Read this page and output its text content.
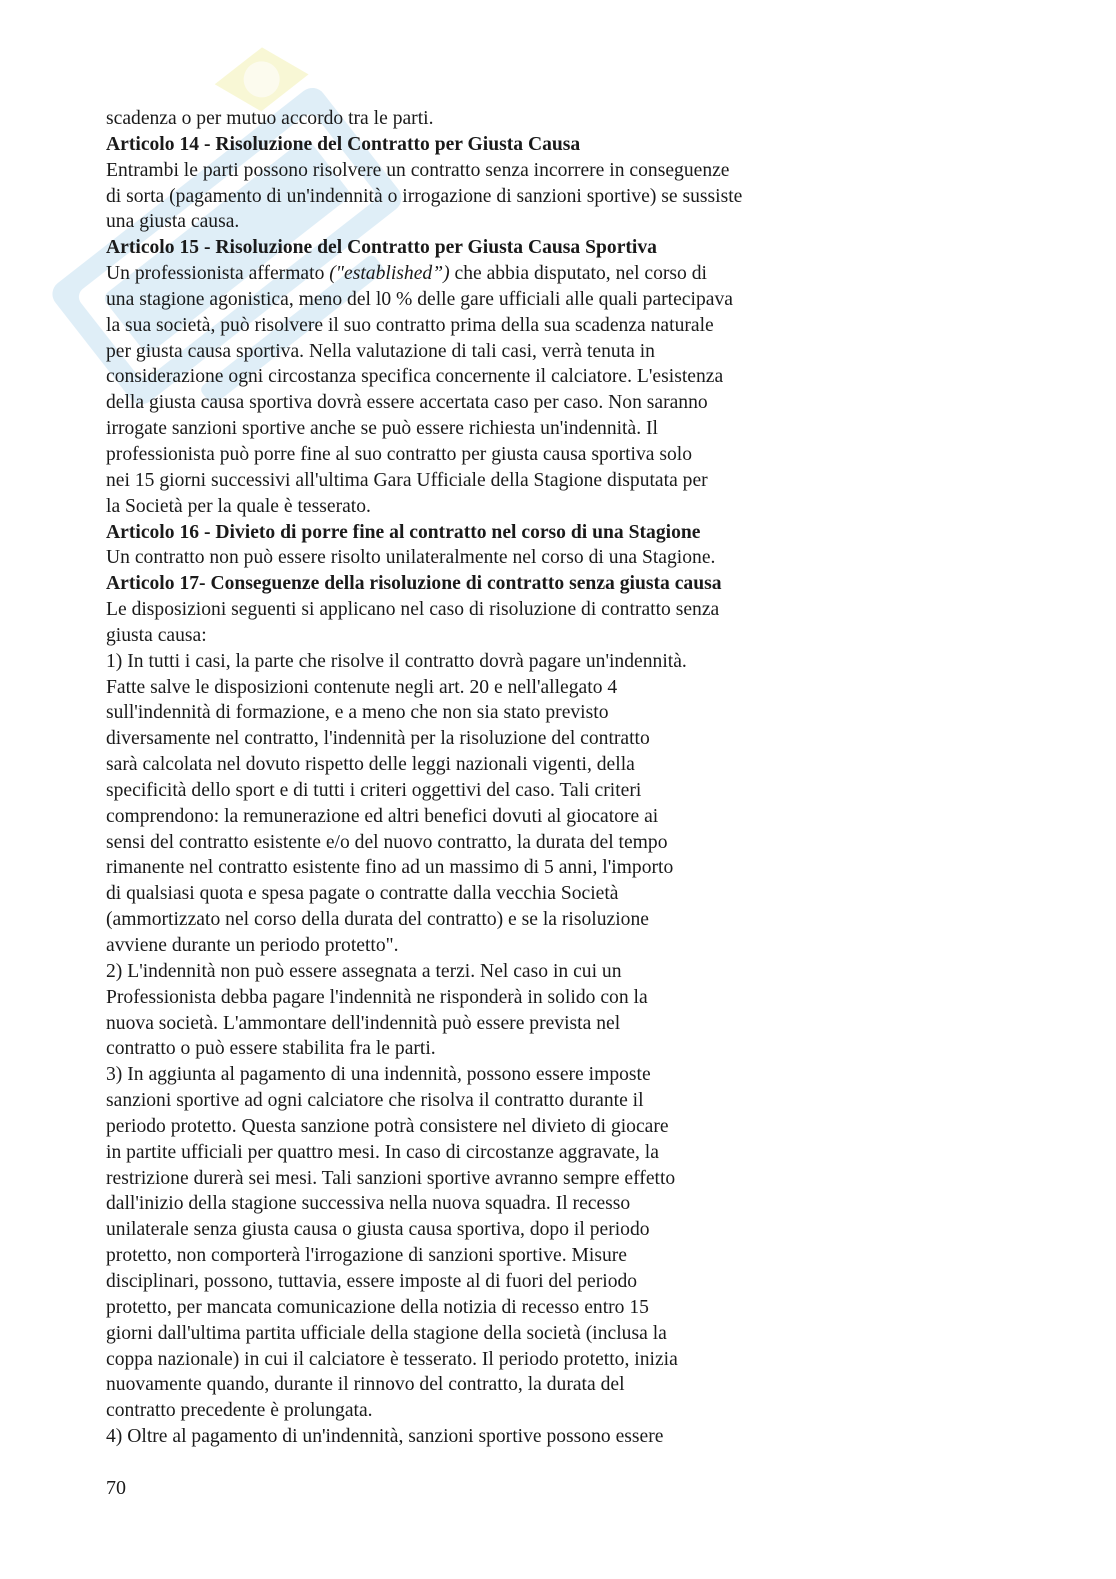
scadenza o per mutuo accordo tra le parti.
Articolo 14 - Risoluzione del Contratto per Giusta Causa
Entrambi le parti possono risolvere un contratto senza incorrere in conseguenze
di sorta (pagamento di un'indennità o irrogazione di sanzioni sportive) se sussiste
una giusta causa.
Articolo 15 - Risoluzione del Contratto per Giusta Causa Sportiva
Un professionista affermato ("established”) che abbia disputato, nel corso di
una stagione agonistica, meno del l0 % delle gare ufficiali alle quali partecipava
la sua società, può risolvere il suo contratto prima della sua scadenza naturale
per giusta causa sportiva. Nella valutazione di tali casi, verrà tenuta in
considerazione ogni circostanza specifica concernente il calciatore. L'esistenza
della giusta causa sportiva dovrà essere accertata caso per caso. Non saranno
irrogate sanzioni sportive anche se può essere richiesta un'indennità. Il
professionista può porre fine al suo contratto per giusta causa sportiva solo
nei 15 giorni successivi all'ultima Gara Ufficiale della Stagione disputata per
la Società per la quale è tesserato.
Articolo 16 - Divieto di porre fine al contratto nel corso di una Stagione
Un contratto non può essere risolto unilateralmente nel corso di una Stagione.
Articolo 17- Conseguenze della risoluzione di contratto senza giusta causa
Le disposizioni seguenti si applicano nel caso di risoluzione di contratto senza
giusta causa:
1) In tutti i casi, la parte che risolve il contratto dovrà pagare un'indennità.
Fatte salve le disposizioni contenute negli art. 20 e nell'allegato 4
sull'indennità di formazione, e a meno che non sia stato previsto
diversamente nel contratto, l'indennità per la risoluzione del contratto
sarà calcolata nel dovuto rispetto delle leggi nazionali vigenti, della
specificità dello sport e di tutti i criteri oggettivi del caso. Tali criteri
comprendono: la remunerazione ed altri benefici dovuti al giocatore ai
sensi del contratto esistente e/o del nuovo contratto, la durata del tempo
rimanente nel contratto esistente fino ad un massimo di 5 anni, l'importo
di qualsiasi quota e spesa pagate o contratte dalla vecchia Società
(ammortizzato nel corso della durata del contratto) e se la risoluzione
avviene durante un periodo protetto".
2) L'indennità non può essere assegnata a terzi. Nel caso in cui un
Professionista debba pagare l'indennità ne risponderà in solido con la
nuova società. L'ammontare dell'indennità può essere prevista nel
contratto o può essere stabilita fra le parti.
3) In aggiunta al pagamento di una indennità, possono essere imposte
sanzioni sportive ad ogni calciatore che risolva il contratto durante il
periodo protetto. Questa sanzione potrà consistere nel divieto di giocare
in partite ufficiali per quattro mesi. In caso di circostanze aggravate, la
restrizione durerà sei mesi. Tali sanzioni sportive avranno sempre effetto
dall'inizio della stagione successiva nella nuova squadra. Il recesso
unilaterale senza giusta causa o giusta causa sportiva, dopo il periodo
protetto, non comporterà l'irrogazione di sanzioni sportive. Misure
disciplinari, possono, tuttavia, essere imposte al di fuori del periodo
protetto, per mancata comunicazione della notizia di recesso entro 15
giorni dall'ultima partita ufficiale della stagione della società (inclusa la
coppa nazionale) in cui il calciatore è tesserato. Il periodo protetto, inizia
nuovamente quando, durante il rinnovo del contratto, la durata del
contratto precedente è prolungata.
4) Oltre al pagamento di un'indennità, sanzioni sportive possono essere
70
